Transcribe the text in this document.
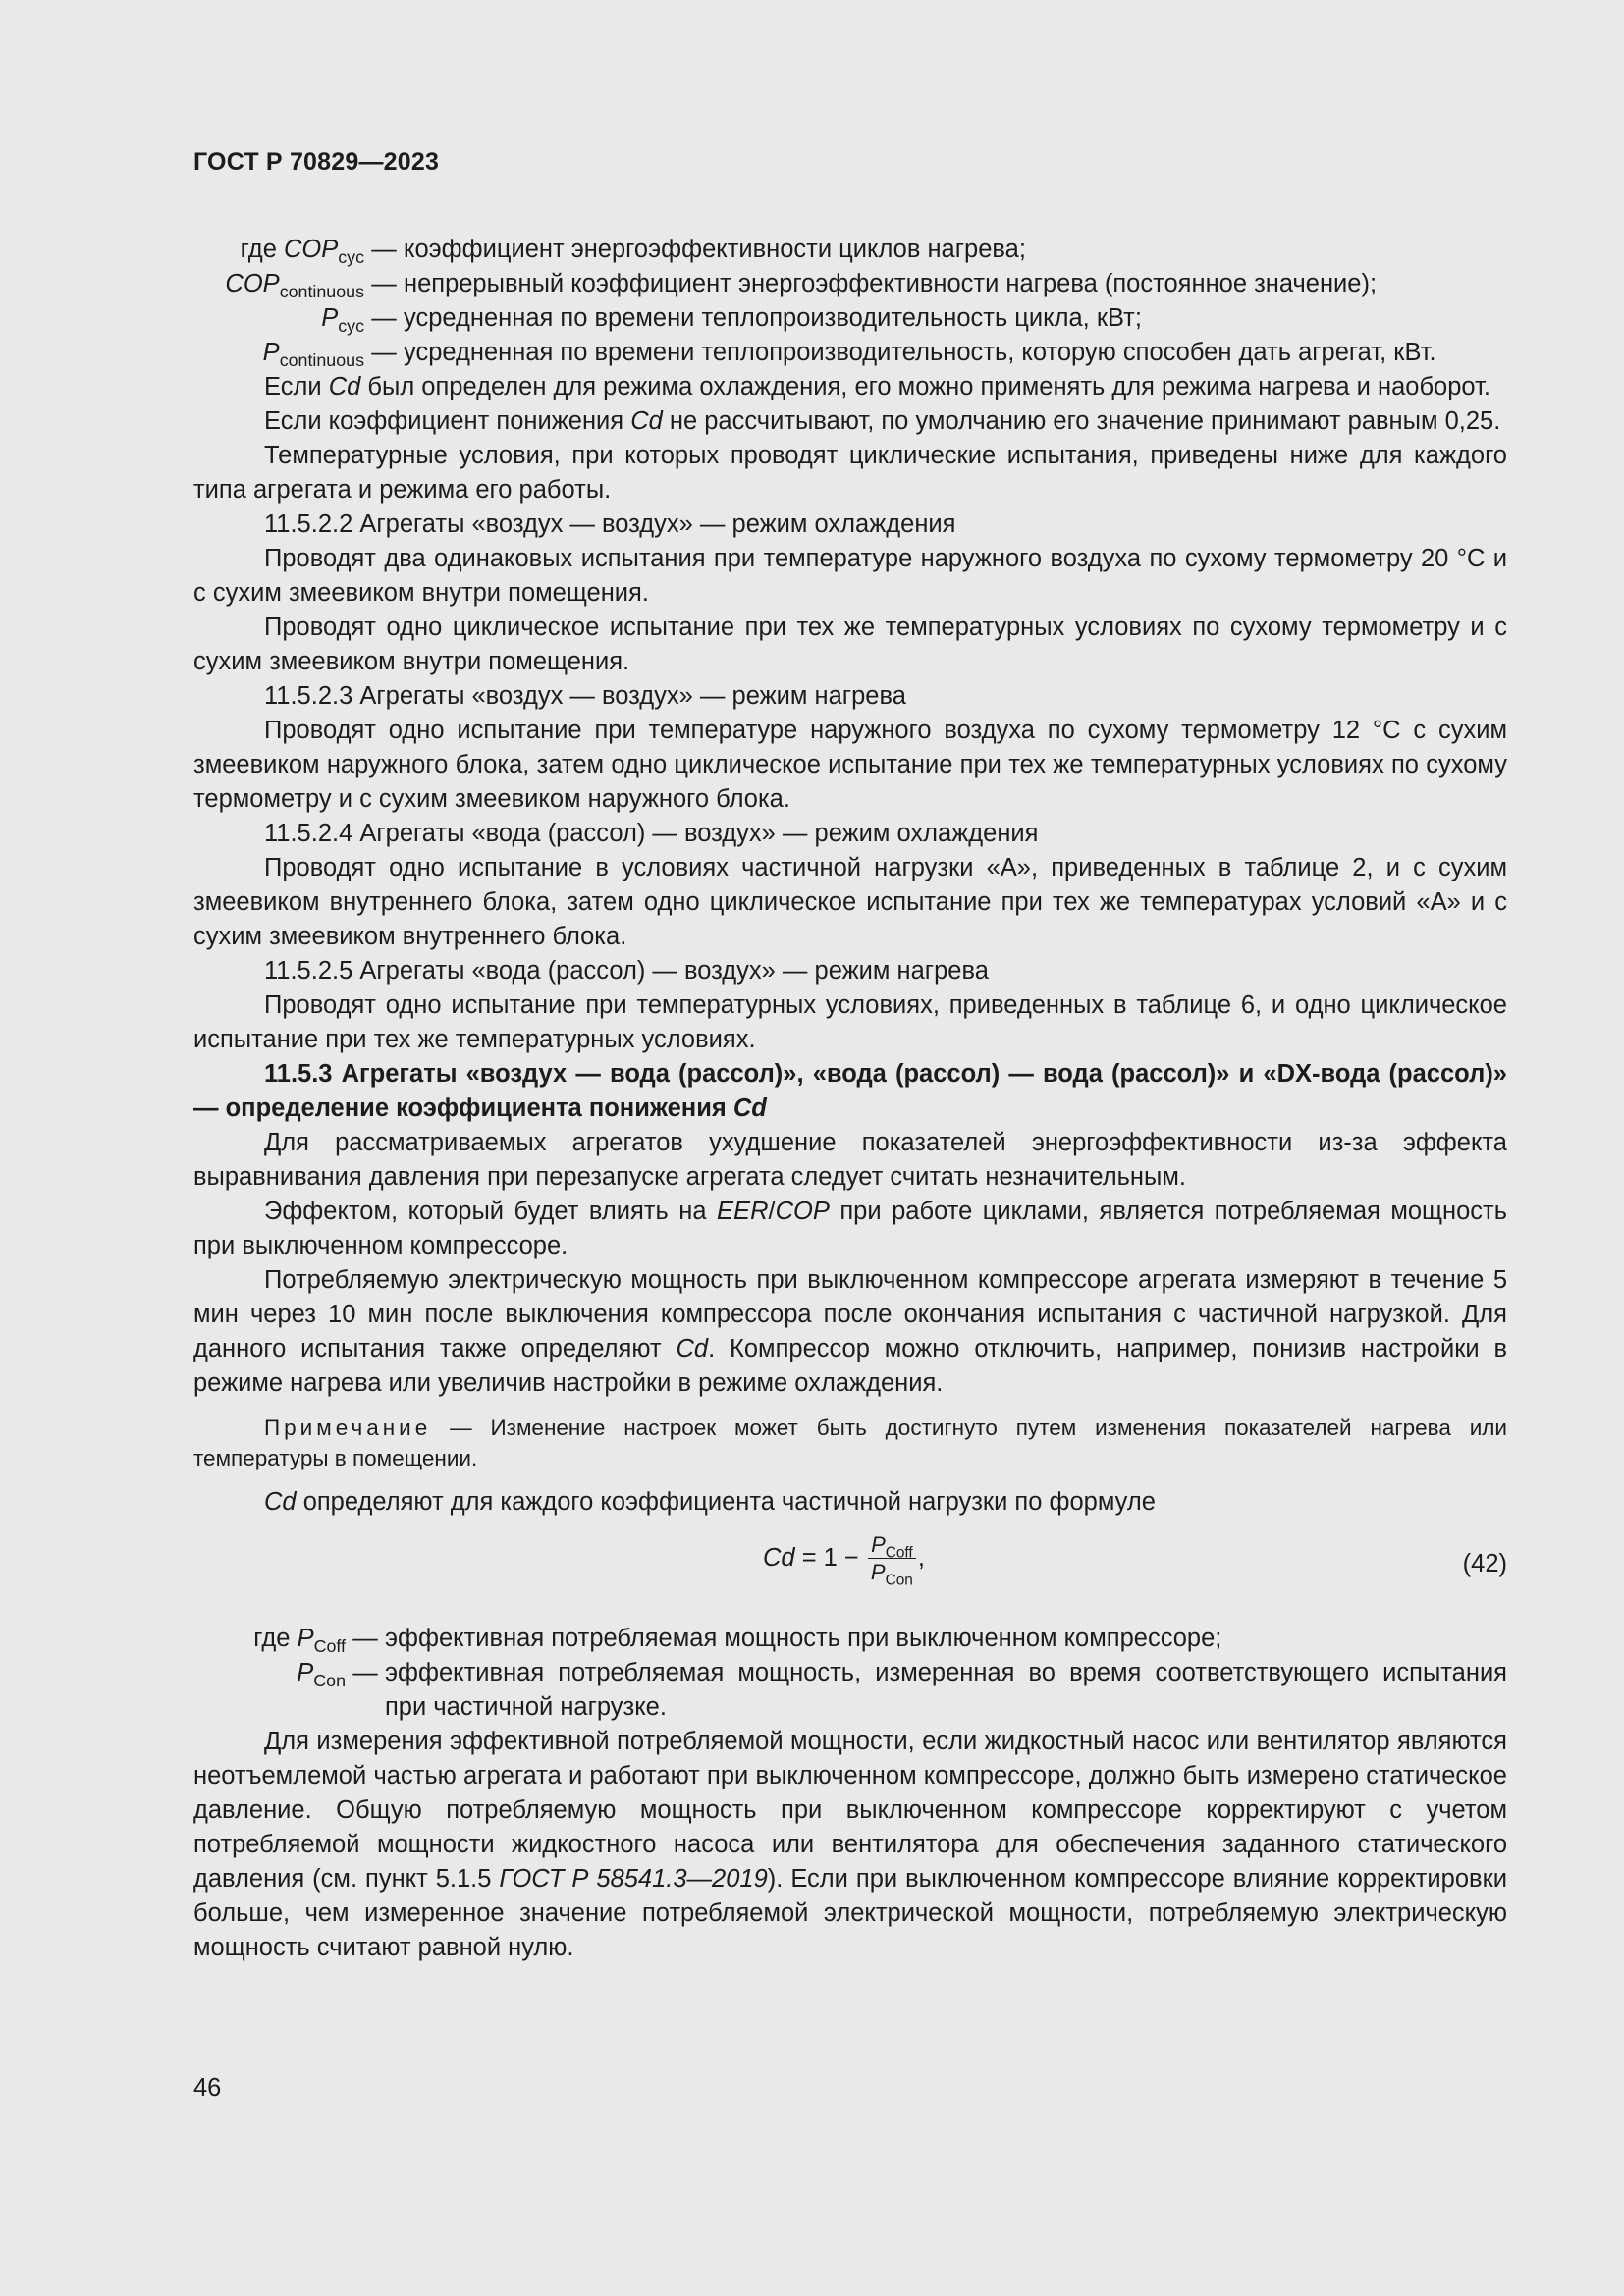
ГОСТ Р 70829—2023
где $COP_{cyc}$ — коэффициент энергоэффективности циклов нагрева;
$COP_{continuous}$ — непрерывный коэффициент энергоэффективности нагрева (постоянное значение);
$P_{cyc}$ — усредненная по времени теплопроизводительность цикла, кВт;
$P_{continuous}$ — усредненная по времени теплопроизводительность, которую способен дать агрегат, кВт.

Если Cd был определен для режима охлаждения, его можно применять для режима нагрева и наоборот.

Если коэффициент понижения Cd не рассчитывают, по умолчанию его значение принимают равным 0,25.

Температурные условия, при которых проводят циклические испытания, приведены ниже для каждого типа агрегата и режима его работы.

11.5.2.2 Агрегаты «воздух — воздух» — режим охлаждения

Проводят два одинаковых испытания при температуре наружного воздуха по сухому термометру 20 °С и с сухим змеевиком внутри помещения.

Проводят одно циклическое испытание при тех же температурных условиях по сухому термометру и с сухим змеевиком внутри помещения.

11.5.2.3 Агрегаты «воздух — воздух» — режим нагрева

Проводят одно испытание при температуре наружного воздуха по сухому термометру 12 °С с сухим змеевиком наружного блока, затем одно циклическое испытание при тех же температурных условиях по сухому термометру и с сухим змеевиком наружного блока.

11.5.2.4 Агрегаты «вода (рассол) — воздух» — режим охлаждения

Проводят одно испытание в условиях частичной нагрузки «А», приведенных в таблице 2, и с сухим змеевиком внутреннего блока, затем одно циклическое испытание при тех же температурах условий «А» и с сухим змеевиком внутреннего блока.

11.5.2.5 Агрегаты «вода (рассол) — воздух» — режим нагрева

Проводят одно испытание при температурных условиях, приведенных в таблице 6, и одно циклическое испытание при тех же температурных условиях.

11.5.3 Агрегаты «воздух — вода (рассол)», «вода (рассол) — вода (рассол)» и «DX-вода (рассол)» — определение коэффициента понижения Cd

Для рассматриваемых агрегатов ухудшение показателей энергоэффективности из-за эффекта выравнивания давления при перезапуске агрегата следует считать незначительным.

Эффектом, который будет влиять на EER/COP при работе циклами, является потребляемая мощность при выключенном компрессоре.

Потребляемую электрическую мощность при выключенном компрессоре агрегата измеряют в течение 5 мин через 10 мин после выключения компрессора после окончания испытания с частичной нагрузкой. Для данного испытания также определяют Cd. Компрессор можно отключить, например, понизив настройки в режиме нагрева или увеличив настройки в режиме охлаждения.

Примечание — Изменение настроек может быть достигнуто путем изменения показателей нагрева или температуры в помещении.

Cd определяют для каждого коэффициента частичной нагрузки по формуле

$Cd = 1 - \frac{P_{Coff}}{P_{Con}}$ ,	(42)
где $P_{Coff}$ — эффективная потребляемая мощность при выключенном компрессоре;
$P_{Con}$ — эффективная потребляемая мощность, измеренная во время соответствующего испытания при частичной нагрузке.

Для измерения эффективной потребляемой мощности, если жидкостный насос или вентилятор являются неотъемлемой частью агрегата и работают при выключенном компрессоре, должно быть измерено статическое давление. Общую потребляемую мощность при выключенном компрессоре корректируют с учетом потребляемой мощности жидкостного насоса или вентилятора для обеспечения заданного статического давления (см. пункт 5.1.5 ГОСТ Р 58541.3—2019). Если при выключенном компрессоре влияние корректировки больше, чем измеренное значение потребляемой электрической мощности, потребляемую электрическую мощность считают равной нулю.

46
